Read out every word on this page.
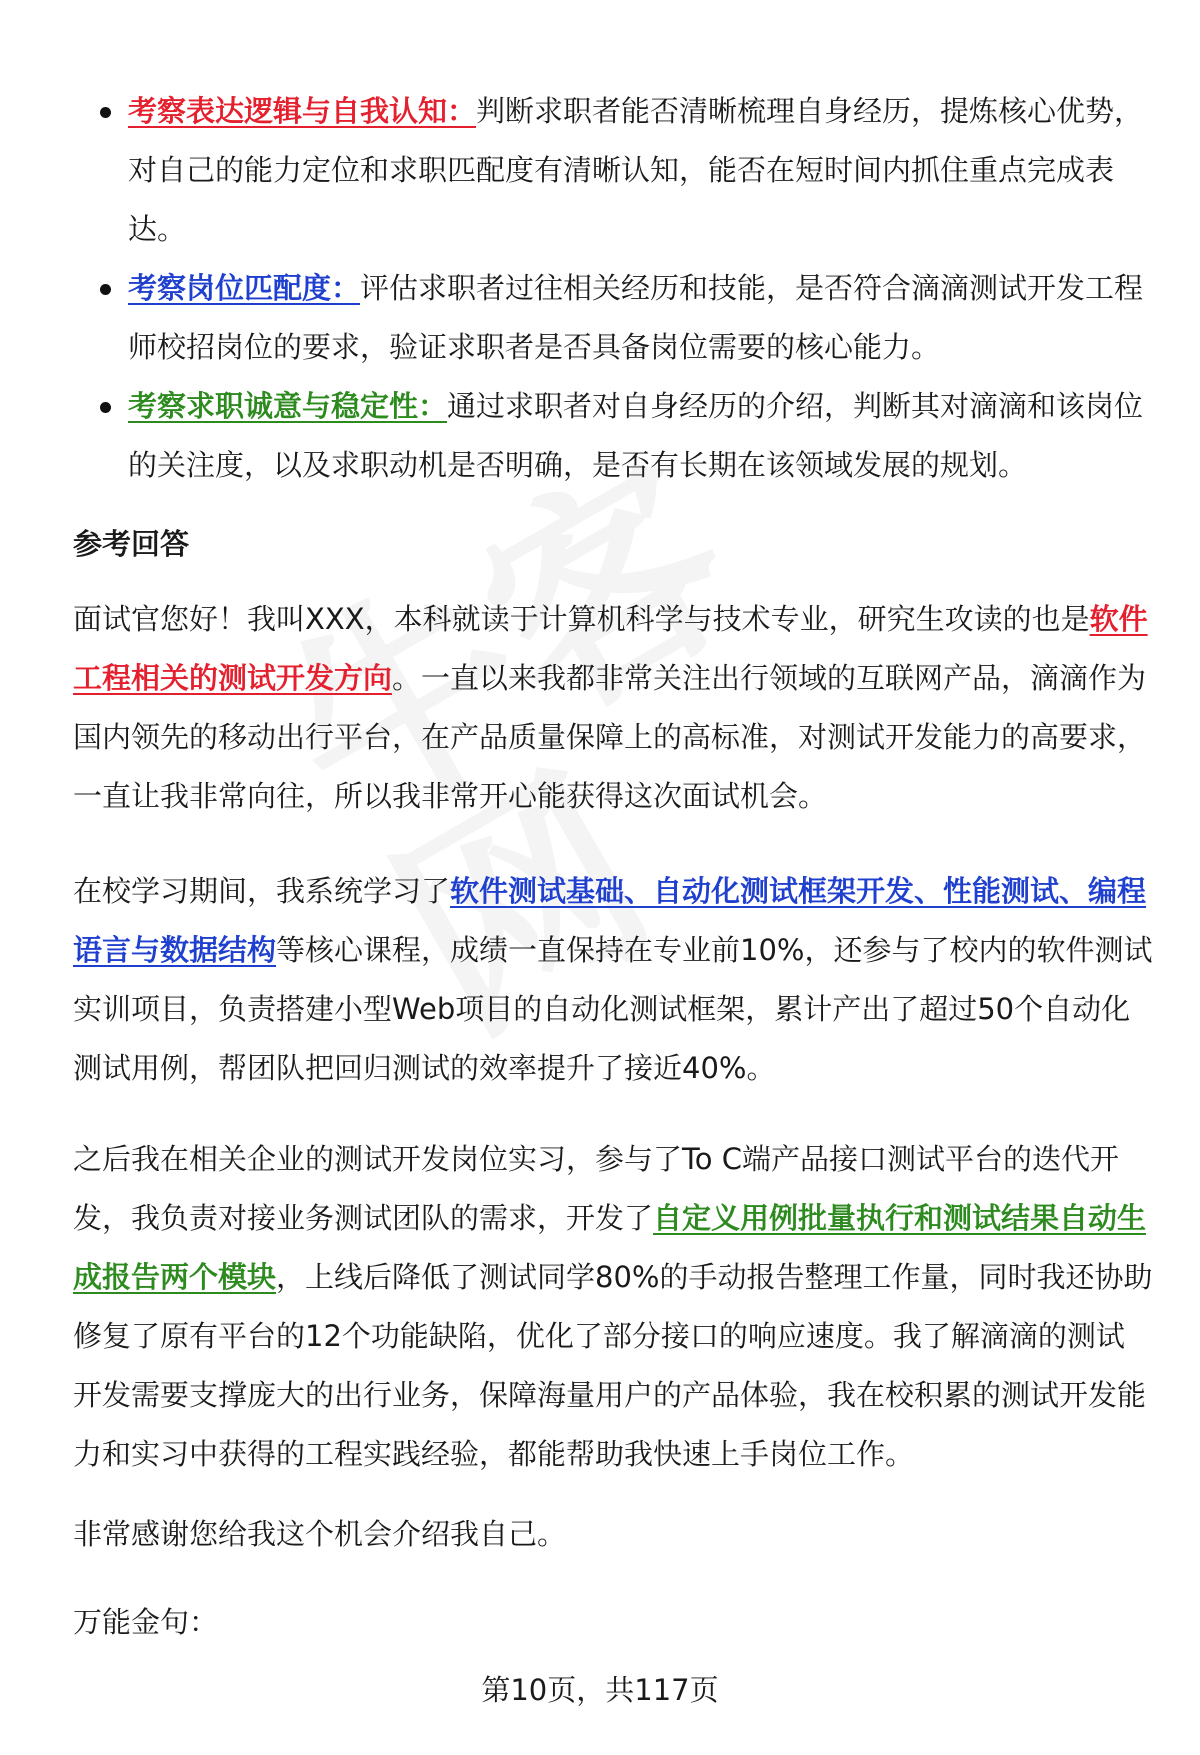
考察表达逻辑与自我认知：判断求职者能否清晰梳理自身经历，提炼核心优势，对自己的能力定位和求职匹配度有清晰认知，能否在短时间内抓住重点完成表达。
考察岗位匹配度：评估求职者过往相关经历和技能，是否符合滴滴测试开发工程师校招岗位的要求，验证求职者是否具备岗位需要的核心能力。
考察求职诚意与稳定性：通过求职者对自身经历的介绍，判断其对滴滴和该岗位的关注度，以及求职动机是否明确，是否有长期在该领域发展的规划。
参考回答
面试官您好！我叫XXX，本科就读于计算机科学与技术专业，研究生攻读的也是软件工程相关的测试开发方向。一直以来我都非常关注出行领域的互联网产品，滴滴作为国内领先的移动出行平台，在产品质量保障上的高标准，对测试开发能力的高要求，一直让我非常向往，所以我非常开心能获得这次面试机会。
在校学习期间，我系统学习了软件测试基础、自动化测试框架开发、性能测试、编程语言与数据结构等核心课程，成绩一直保持在专业前10%，还参与了校内的软件测试实训项目，负责搭建小型Web项目的自动化测试框架，累计产出了超过50个自动化测试用例，帮团队把回归测试的效率提升了接近40%。
之后我在相关企业的测试开发岗位实习，参与了To C端产品接口测试平台的迭代开发，我负责对接业务测试团队的需求，开发了自定义用例批量执行和测试结果自动生成报告两个模块，上线后降低了测试同学80%的手动报告整理工作量，同时我还协助修复了原有平台的12个功能缺陷，优化了部分接口的响应速度。我了解滴滴的测试开发需要支撑庞大的出行业务，保障海量用户的产品体验，我在校积累的测试开发能力和实习中获得的工程实践经验，都能帮助我快速上手岗位工作。
非常感谢您给我这个机会介绍我自己。
万能金句：
第10页，共117页
